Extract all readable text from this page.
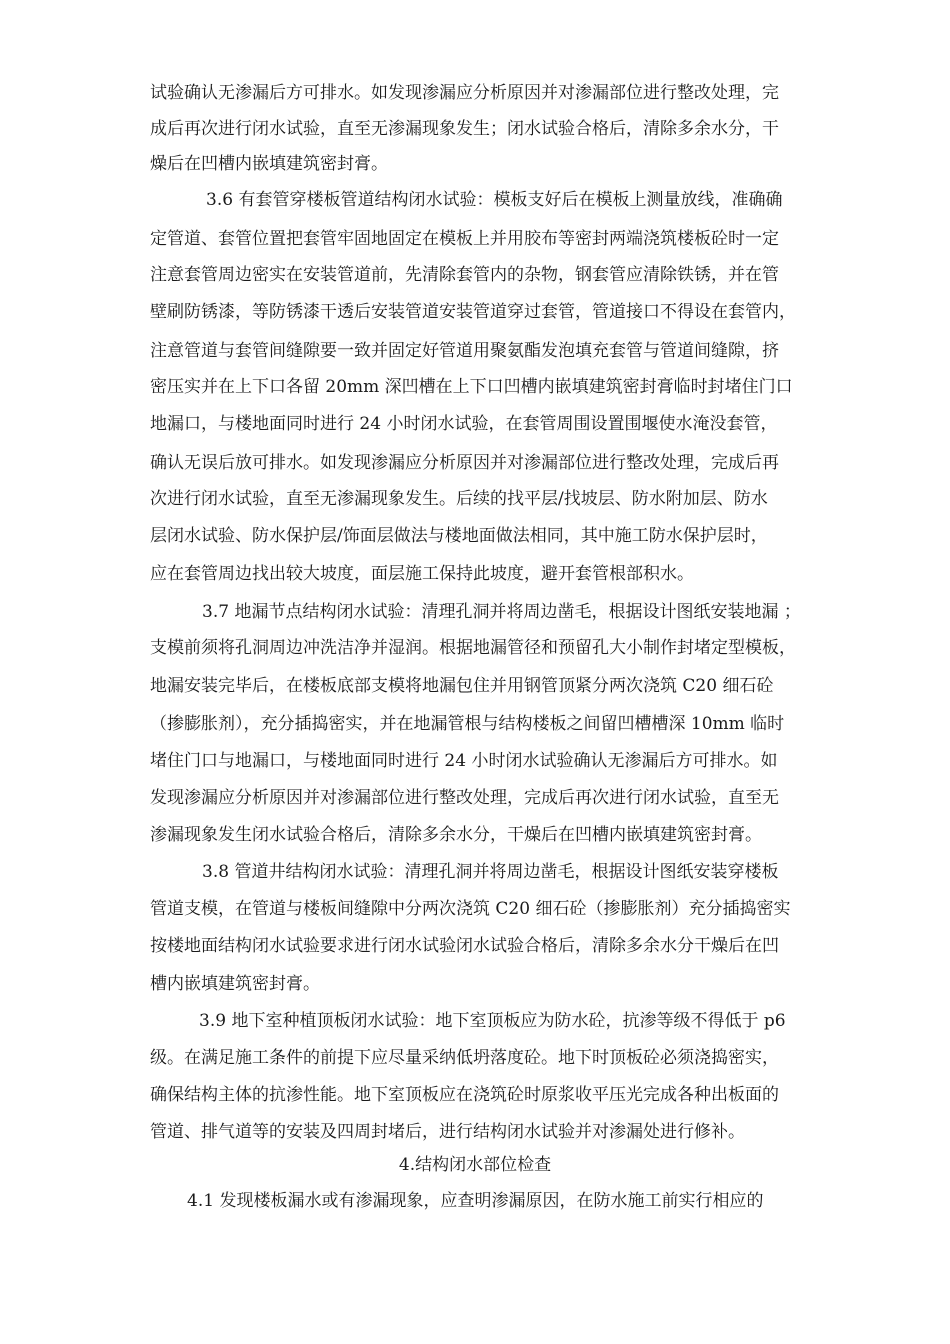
试验确认无渗漏后方可排水。如发现渗漏应分析原因并对渗漏部位进行整改处理，完
成后再次进行闭水试验，直至无渗漏现象发生；闭水试验合格后，清除多余水分，干
燥后在凹槽内嵌填建筑密封膏。
3.6 有套管穿楼板管道结构闭水试验：模板支好后在模板上测量放线，准确确
定管道、套管位置把套管牢固地固定在模板上并用胶布等密封两端浇筑楼板砼时一定
注意套管周边密实在安装管道前，先清除套管内的杂物，钢套管应清除铁锈，并在管
壁刷防锈漆，等防锈漆干透后安装管道安装管道穿过套管，管道接口不得设在套管内，
注意管道与套管间缝隙要一致并固定好管道用聚氨酯发泡填充套管与管道间缝隙，挤
密压实并在上下口各留 20mm 深凹槽在上下口凹槽内嵌填建筑密封膏临时封堵住门口
地漏口，与楼地面同时进行 24 小时闭水试验，在套管周围设置围堰使水淹没套管，
确认无误后放可排水。如发现渗漏应分析原因并对渗漏部位进行整改处理，完成后再
次进行闭水试验，直至无渗漏现象发生。后续的找平层/找坡层、防水附加层、防水
层闭水试验、防水保护层/饰面层做法与楼地面做法相同，其中施工防水保护层时，
应在套管周边找出较大坡度，面层施工保持此坡度，避开套管根部积水。
3.7 地漏节点结构闭水试验：清理孔洞并将周边凿毛，根据设计图纸安装地漏 ；
支模前须将孔洞周边冲洗洁净并湿润。根据地漏管径和预留孔大小制作封堵定型模板，
地漏安装完毕后，在楼板底部支模将地漏包住并用钢管顶紧分两次浇筑 C20 细石砼
（掺膨胀剂），充分插捣密实，并在地漏管根与结构楼板之间留凹槽槽深 10mm 临时
堵住门口与地漏口，与楼地面同时进行 24 小时闭水试验确认无渗漏后方可排水。如
发现渗漏应分析原因并对渗漏部位进行整改处理，完成后再次进行闭水试验，直至无
渗漏现象发生闭水试验合格后，清除多余水分，干燥后在凹槽内嵌填建筑密封膏。
3.8 管道井结构闭水试验：清理孔洞并将周边凿毛，根据设计图纸安装穿楼板
管道支模，在管道与楼板间缝隙中分两次浇筑 C20 细石砼（掺膨胀剂）充分插捣密实
按楼地面结构闭水试验要求进行闭水试验闭水试验合格后，清除多余水分干燥后在凹
槽内嵌填建筑密封膏。
3.9 地下室种植顶板闭水试验：地下室顶板应为防水砼，抗渗等级不得低于 p6
级。在满足施工条件的前提下应尽量采纳低坍落度砼。地下时顶板砼必须浇捣密实，
确保结构主体的抗渗性能。地下室顶板应在浇筑砼时原浆收平压光完成各种出板面的
管道、排气道等的安装及四周封堵后，进行结构闭水试验并对渗漏处进行修补。
4.结构闭水部位检查
4.1 发现楼板漏水或有渗漏现象，应查明渗漏原因，在防水施工前实行相应的
